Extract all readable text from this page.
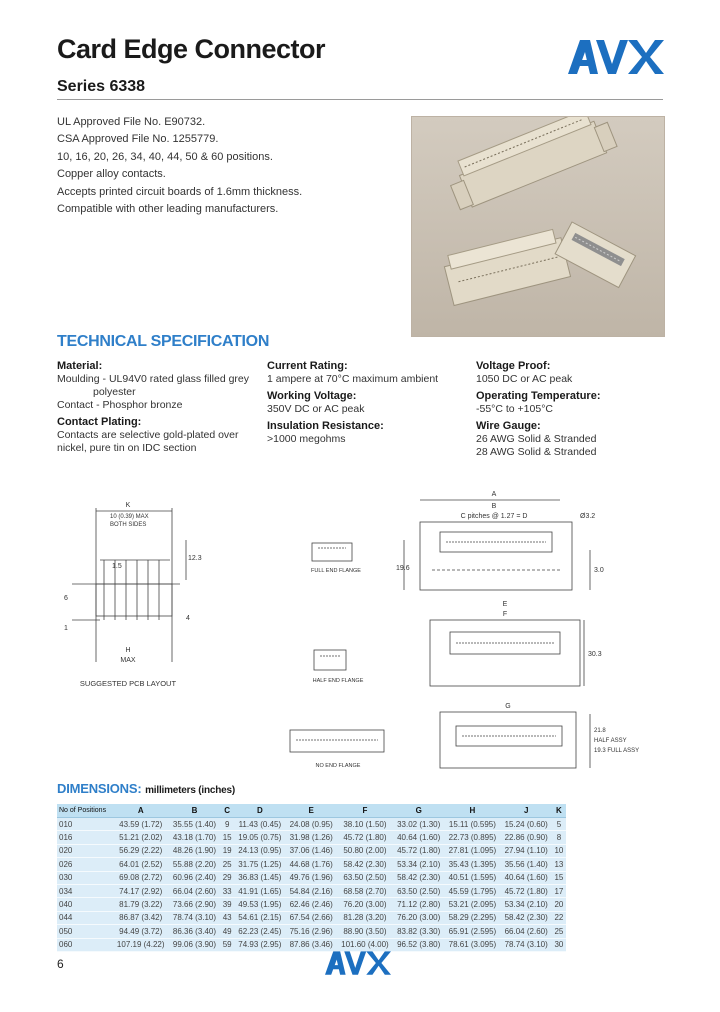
Card Edge Connector
Series 6338
AVX
UL Approved File No. E90732.
CSA Approved File No. 1255779.
10, 16, 20, 26, 34, 40, 44, 50 & 60 positions.
Copper alloy contacts.
Accepts printed circuit boards of 1.6mm thickness.
Compatible with other leading manufacturers.
TECHNICAL SPECIFICATION
Material:
Moulding - UL94V0 rated glass filled grey
polyester
Contact - Phosphor bronze
Contact Plating:
Contacts are selective gold-plated over
nickel, pure tin on IDC section
Current Rating:
1 ampere at 70°C maximum ambient
Working Voltage:
350V DC or AC peak
Insulation Resistance:
>1000 megohms
Voltage Proof:
1050 DC or AC peak
Operating Temperature:
-55°C to +105°C
Wire Gauge:
26 AWG Solid & Stranded
28 AWG Solid & Stranded
K
10 (0.39) MAX
BOTH SIDES
1.5
12.3
6
1
4
H
MAX
SUGGESTED PCB LAYOUT
FULL END FLANGE
HALF END FLANGE
NO END FLANGE
A
B
C pitches @ 1.27 = D	Ø3.2
19.6	3.0
E
F
30.3
G
21.8
HALF ASSY
19.3 FULL ASSY
DIMENSIONS: millimeters (inches)
No of Positions	A	B	C	D	E	F	G	H	J	K
010	43.59 (1.72)	35.55 (1.40)	9	11.43 (0.45)	24.08 (0.95)	38.10 (1.50)	33.02 (1.30)	15.11 (0.595)	15.24 (0.60)	5
016	51.21 (2.02)	43.18 (1.70)	15	19.05 (0.75)	31.98 (1.26)	45.72 (1.80)	40.64 (1.60)	22.73 (0.895)	22.86 (0.90)	8
020	56.29 (2.22)	48.26 (1.90)	19	24.13 (0.95)	37.06 (1.46)	50.80 (2.00)	45.72 (1.80)	27.81 (1.095)	27.94 (1.10)	10
026	64.01 (2.52)	55.88 (2.20)	25	31.75 (1.25)	44.68 (1.76)	58.42 (2.30)	53.34 (2.10)	35.43 (1.395)	35.56 (1.40)	13
030	69.08 (2.72)	60.96 (2.40)	29	36.83 (1.45)	49.76 (1.96)	63.50 (2.50)	58.42 (2.30)	40.51 (1.595)	40.64 (1.60)	15
034	74.17 (2.92)	66.04 (2.60)	33	41.91 (1.65)	54.84 (2.16)	68.58 (2.70)	63.50 (2.50)	45.59 (1.795)	45.72 (1.80)	17
040	81.79 (3.22)	73.66 (2.90)	39	49.53 (1.95)	62.46 (2.46)	76.20 (3.00)	71.12 (2.80)	53.21 (2.095)	53.34 (2.10)	20
044	86.87 (3.42)	78.74 (3.10)	43	54.61 (2.15)	67.54 (2.66)	81.28 (3.20)	76.20 (3.00)	58.29 (2.295)	58.42 (2.30)	22
050	94.49 (3.72)	86.36 (3.40)	49	62.23 (2.45)	75.16 (2.96)	88.90 (3.50)	83.82 (3.30)	65.91 (2.595)	66.04 (2.60)	25
060	107.19 (4.22)	99.06 (3.90)	59	74.93 (2.95)	87.86 (3.46)	101.60 (4.00)	96.52 (3.80)	78.61 (3.095)	78.74 (3.10)	30
6
AVX
